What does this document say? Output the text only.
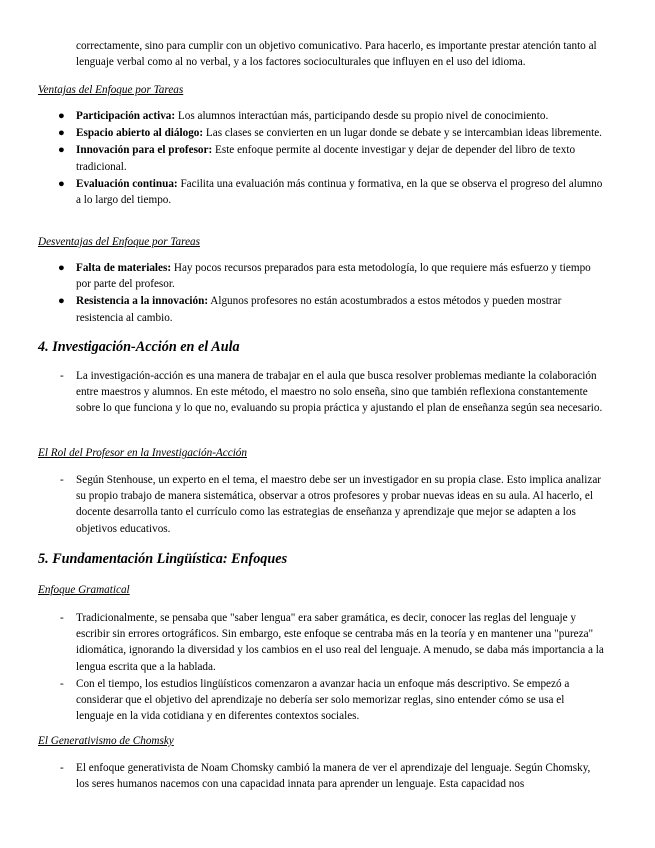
correctamente, sino para cumplir con un objetivo comunicativo. Para hacerlo, es importante prestar atención tanto al lenguaje verbal como al no verbal, y a los factores socioculturales que influyen en el uso del idioma.

Ventajas del Enfoque por Tareas

● Participación activa: Los alumnos interactúan más, participando desde su propio nivel de conocimiento.
● Espacio abierto al diálogo: Las clases se convierten en un lugar donde se debate y se intercambian ideas libremente.
● Innovación para el profesor: Este enfoque permite al docente investigar y dejar de depender del libro de texto tradicional.
● Evaluación continua: Facilita una evaluación más continua y formativa, en la que se observa el progreso del alumno a lo largo del tiempo.

Desventajas del Enfoque por Tareas

● Falta de materiales: Hay pocos recursos preparados para esta metodología, lo que requiere más esfuerzo y tiempo por parte del profesor.
● Resistencia a la innovación: Algunos profesores no están acostumbrados a estos métodos y pueden mostrar resistencia al cambio.

4. Investigación-Acción en el Aula

- La investigación-acción es una manera de trabajar en el aula que busca resolver problemas mediante la colaboración entre maestros y alumnos. En este método, el maestro no solo enseña, sino que también reflexiona constantemente sobre lo que funciona y lo que no, evaluando su propia práctica y ajustando el plan de enseñanza según sea necesario.

El Rol del Profesor en la Investigación-Acción

- Según Stenhouse, un experto en el tema, el maestro debe ser un investigador en su propia clase. Esto implica analizar su propio trabajo de manera sistemática, observar a otros profesores y probar nuevas ideas en su aula. Al hacerlo, el docente desarrolla tanto el currículo como las estrategias de enseñanza y aprendizaje que mejor se adapten a los objetivos educativos.

5. Fundamentación Lingüística: Enfoques

Enfoque Gramatical

- Tradicionalmente, se pensaba que "saber lengua" era saber gramática, es decir, conocer las reglas del lenguaje y escribir sin errores ortográficos. Sin embargo, este enfoque se centraba más en la teoría y en mantener una "pureza" idiomática, ignorando la diversidad y los cambios en el uso real del lenguaje. A menudo, se daba más importancia a la lengua escrita que a la hablada.
- Con el tiempo, los estudios lingüísticos comenzaron a avanzar hacia un enfoque más descriptivo. Se empezó a considerar que el objetivo del aprendizaje no debería ser solo memorizar reglas, sino entender cómo se usa el lenguaje en la vida cotidiana y en diferentes contextos sociales.

El Generativismo de Chomsky

- El enfoque generativista de Noam Chomsky cambió la manera de ver el aprendizaje del lenguaje. Según Chomsky, los seres humanos nacemos con una capacidad innata para aprender un lenguaje. Esta capacidad nos
